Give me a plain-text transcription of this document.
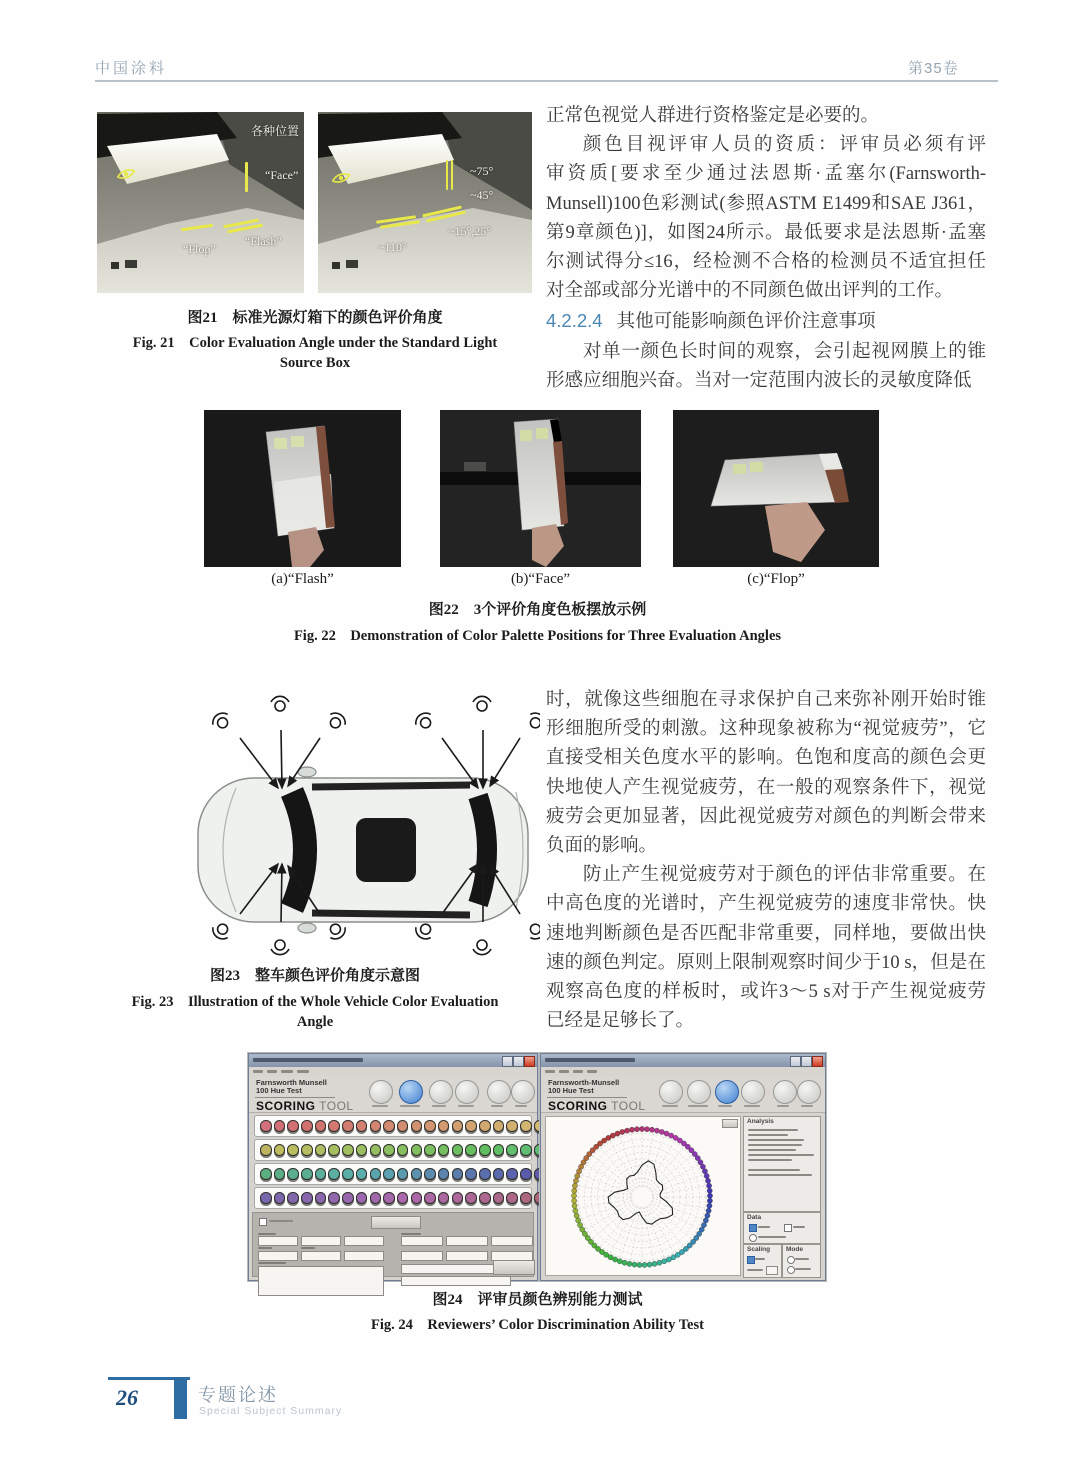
中国涂料	第35卷
各种位置
“Face”
“Flash”
“Flop”
~75°
~45°
~15°,25°
~110°
图21　标准光源灯箱下的颜色评价角度
Fig. 21　Color Evaluation Angle under the Standard Light
Source Box
正常色视觉人群进行资格鉴定是必要的。
颜色目视评审人员的资质：评审员必须有评
审资质[要求至少通过法恩斯·孟塞尔(Farnsworth-
Munsell)100色彩测试(参照ASTM E1499和SAE J361，
第9章颜色)]，如图24所示。最低要求是法恩斯·孟塞
尔测试得分≤16，经检测不合格的检测员不适宜担任
对全部或部分光谱中的不同颜色做出评判的工作。
4.2.2.4 其他可能影响颜色评价注意事项
对单一颜色长时间的观察，会引起视网膜上的锥
形感应细胞兴奋。当对一定范围内波长的灵敏度降低
(a)“Flash”	(b)“Face”	(c)“Flop”
图22　3个评价角度色板摆放示例
Fig. 22　Demonstration of Color Palette Positions for Three Evaluation Angles
图23　整车颜色评价角度示意图
Fig. 23　Illustration of the Whole Vehicle Color Evaluation
Angle
时，就像这些细胞在寻求保护自己来弥补刚开始时锥
形细胞所受的刺激。这种现象被称为“视觉疲劳”，它
直接受相关色度水平的影响。色饱和度高的颜色会更
快地使人产生视觉疲劳，在一般的观察条件下，视觉
疲劳会更加显著，因此视觉疲劳对颜色的判断会带来
负面的影响。
防止产生视觉疲劳对于颜色的评估非常重要。在
中高色度的光谱时，产生视觉疲劳的速度非常快。快
速地判断颜色是否匹配非常重要，同样地，要做出快
速的颜色判定。原则上限制观察时间少于10 s，但是在
观察高色度的样板时，或许3～5 s对于产生视觉疲劳
已经是足够长了。
Farnsworth Munsell
100 Hue Test
SCORING TOOL
Farnsworth-Munsell
100 Hue Test
SCORING TOOL
Analysis
Data
Scaling Mode
图24　评审员颜色辨别能力测试
Fig. 24　Reviewers’ Color Discrimination Ability Test
26	专题论述
Special Subject Summary
